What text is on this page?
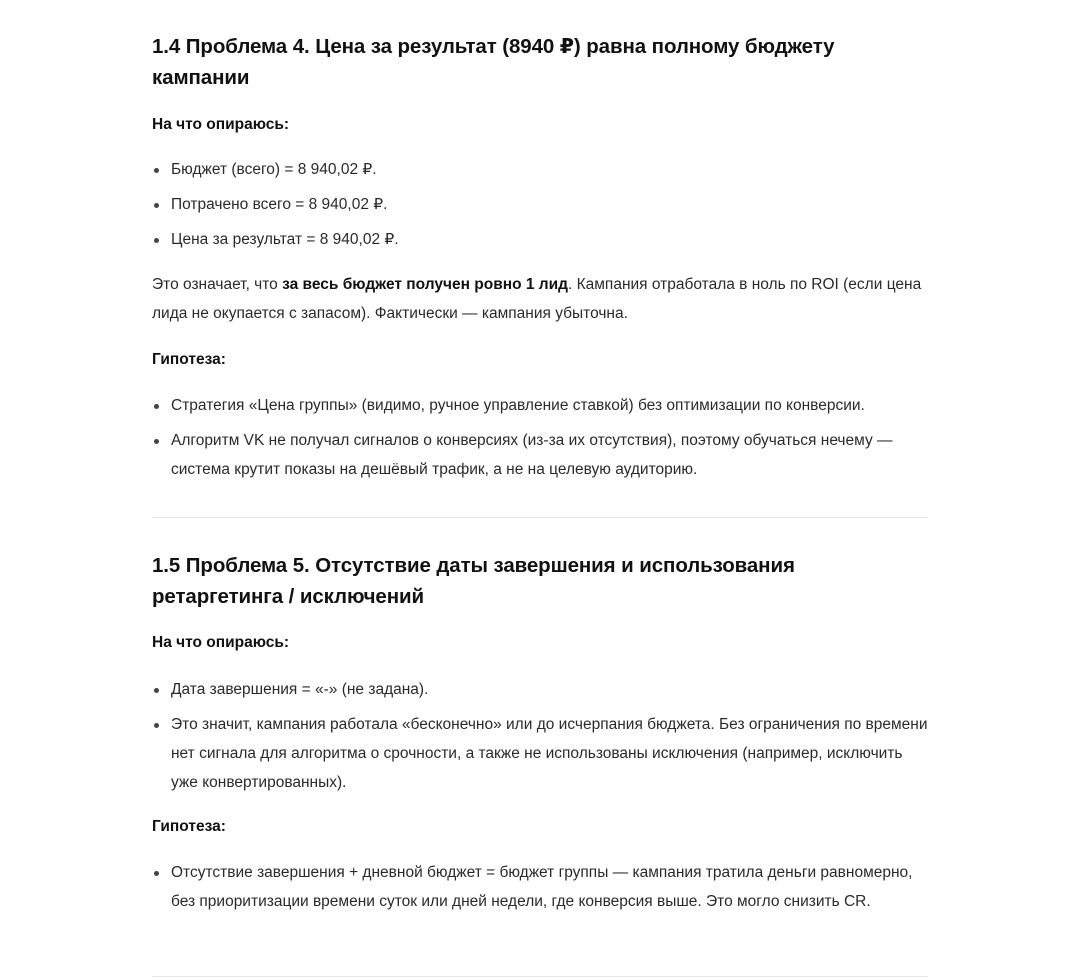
1.4 Проблема 4. Цена за результат (8940 ₽) равна полному бюджету кампании

На что опираюсь:

Бюджет (всего) = 8 940,02 ₽.
Потрачено всего = 8 940,02 ₽.
Цена за результат = 8 940,02 ₽.

Это означает, что за весь бюджет получен ровно 1 лид. Кампания отработала в ноль по ROI (если цена лида не окупается с запасом). Фактически — кампания убыточна.

Гипотеза:

Стратегия «Цена группы» (видимо, ручное управление ставкой) без оптимизации по конверсии.
Алгоритм VK не получал сигналов о конверсиях (из-за их отсутствия), поэтому обучаться нечему — система крутит показы на дешёвый трафик, а не на целевую аудиторию.
1.5 Проблема 5. Отсутствие даты завершения и использования ретаргетинга / исключений

На что опираюсь:

Дата завершения = «-» (не задана).
Это значит, кампания работала «бесконечно» или до исчерпания бюджета. Без ограничения по времени нет сигнала для алгоритма о срочности, а также не использованы исключения (например, исключить уже конвертированных).

Гипотеза:

Отсутствие завершения + дневной бюджет = бюджет группы — кампания тратила деньги равномерно, без приоритизации времени суток или дней недели, где конверсия выше. Это могло снизить CR.
